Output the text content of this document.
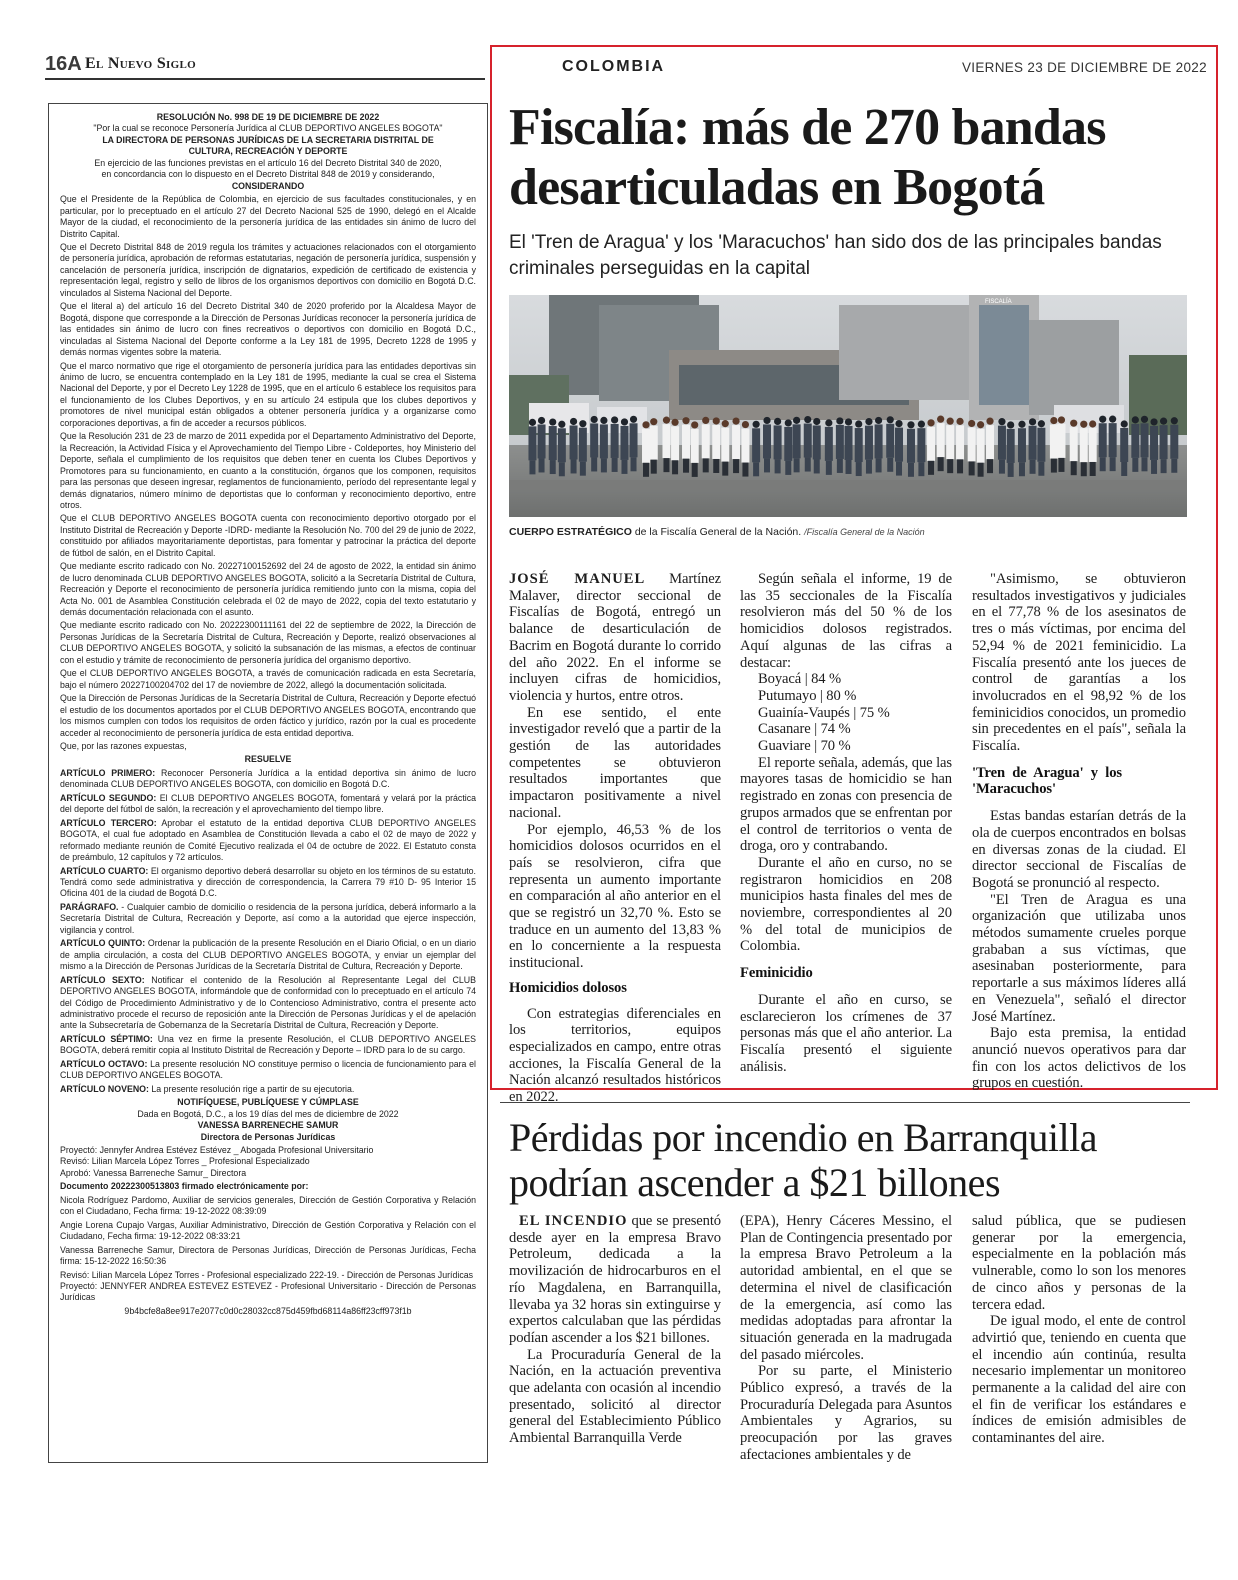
16A El Nuevo Siglo	COLOMBIA	VIERNES 23 DE DICIEMBRE DE 2022

RESOLUCIÓN No. 998 DE 19 DE DICIEMBRE DE 2022

"Por la cual se reconoce Personería Jurídica al CLUB DEPORTIVO ANGELES BOGOTA"

LA DIRECTORA DE PERSONAS JURÍDICAS DE LA SECRETARIA DISTRITAL DE

CULTURA, RECREACIÓN Y DEPORTE

En ejercicio de las funciones previstas en el artículo 16 del Decreto Distrital 340 de 2020,

en concordancia con lo dispuesto en el Decreto Distrital 848 de 2019 y considerando,

CONSIDERANDO

Que el Presidente de la República de Colombia, en ejercicio de sus facultades constitucionales, y en particular, por lo preceptuado en el artículo 27 del Decreto Nacional 525 de 1990, delegó en el Alcalde Mayor de la ciudad, el reconocimiento de la personería jurídica de las entidades sin ánimo de lucro del Distrito Capital.

Que el Decreto Distrital 848 de 2019 regula los trámites y actuaciones relacionados con el otorgamiento de personería jurídica, aprobación de reformas estatutarias, negación de personería jurídica, suspensión y cancelación de personería jurídica, inscripción de dignatarios, expedición de certificado de existencia y representación legal, registro y sello de libros de los organismos deportivos con domicilio en Bogotá D.C. vinculados al Sistema Nacional del Deporte.

Que el literal a) del artículo 16 del Decreto Distrital 340 de 2020 proferido por la Alcaldesa Mayor de Bogotá, dispone que corresponde a la Dirección de Personas Jurídicas reconocer la personería jurídica de las entidades sin ánimo de lucro con fines recreativos o deportivos con domicilio en Bogotá D.C., vinculadas al Sistema Nacional del Deporte conforme a la Ley 181 de 1995, Decreto 1228 de 1995 y demás normas vigentes sobre la materia.

Que el marco normativo que rige el otorgamiento de personería jurídica para las entidades deportivas sin ánimo de lucro, se encuentra contemplado en la Ley 181 de 1995, mediante la cual se crea el Sistema Nacional del Deporte, y por el Decreto Ley 1228 de 1995, que en el artículo 6 establece los requisitos para el funcionamiento de los Clubes Deportivos, y en su artículo 24 estipula que los clubes deportivos y promotores de nivel municipal están obligados a obtener personería jurídica y a organizarse como corporaciones deportivas, a fin de acceder a recursos públicos.

Que la Resolución 231 de 23 de marzo de 2011 expedida por el Departamento Administrativo del Deporte, la Recreación, la Actividad Física y el Aprovechamiento del Tiempo Libre - Coldeportes, hoy Ministerio del Deporte, señala el cumplimiento de los requisitos que deben tener en cuenta los Clubes Deportivos y Promotores para su funcionamiento, en cuanto a la constitución, órganos que los componen, requisitos para las personas que deseen ingresar, reglamentos de funcionamiento, período del representante legal y demás dignatarios, número mínimo de deportistas que lo conforman y reconocimiento deportivo, entre otros.

Que el CLUB DEPORTIVO ANGELES BOGOTA cuenta con reconocimiento deportivo otorgado por el Instituto Distrital de Recreación y Deporte -IDRD- mediante la Resolución No. 700 del 29 de junio de 2022, constituido por afiliados mayoritariamente deportistas, para fomentar y patrocinar la práctica del deporte de fútbol de salón, en el Distrito Capital.

Que mediante escrito radicado con No. 20227100152692 del 24 de agosto de 2022, la entidad sin ánimo de lucro denominada CLUB DEPORTIVO ANGELES BOGOTA, solicitó a la Secretaría Distrital de Cultura, Recreación y Deporte el reconocimiento de personería jurídica remitiendo junto con la misma, copia del Acta No. 001 de Asamblea Constitución celebrada el 02 de mayo de 2022, copia del texto estatutario y demás documentación relacionada con el asunto.

Que mediante escrito radicado con No. 20222300111161 del 22 de septiembre de 2022, la Dirección de Personas Jurídicas de la Secretaría Distrital de Cultura, Recreación y Deporte, realizó observaciones al CLUB DEPORTIVO ANGELES BOGOTA, y solicitó la subsanación de las mismas, a efectos de continuar con el estudio y trámite de reconocimiento de personería jurídica del organismo deportivo.

Que el CLUB DEPORTIVO ANGELES BOGOTA, a través de comunicación radicada en esta Secretaría, bajo el número 20227100204702 del 17 de noviembre de 2022, allegó la documentación solicitada.

Que la Dirección de Personas Jurídicas de la Secretaría Distrital de Cultura, Recreación y Deporte efectuó el estudio de los documentos aportados por el CLUB DEPORTIVO ANGELES BOGOTA, encontrando que los mismos cumplen con todos los requisitos de orden fáctico y jurídico, razón por la cual es procedente acceder al reconocimiento de personería jurídica de esta entidad deportiva.

Que, por las razones expuestas,

RESUELVE

ARTÍCULO PRIMERO: Reconocer Personería Jurídica a la entidad deportiva sin ánimo de lucro denominada CLUB DEPORTIVO ANGELES BOGOTA, con domicilio en Bogotá D.C.

ARTÍCULO SEGUNDO: El CLUB DEPORTIVO ANGELES BOGOTA, fomentará y velará por la práctica del deporte del fútbol de salón, la recreación y el aprovechamiento del tiempo libre.

ARTÍCULO TERCERO: Aprobar el estatuto de la entidad deportiva CLUB DEPORTIVO ANGELES BOGOTA, el cual fue adoptado en Asamblea de Constitución llevada a cabo el 02 de mayo de 2022 y reformado mediante reunión de Comité Ejecutivo realizada el 04 de octubre de 2022. El Estatuto consta de preámbulo, 12 capítulos y 72 artículos.

ARTÍCULO CUARTO: El organismo deportivo deberá desarrollar su objeto en los términos de su estatuto. Tendrá como sede administrativa y dirección de correspondencia, la Carrera 79 #10 D- 95 Interior 15 Oficina 401 de la ciudad de Bogotá D.C.

PARÁGRAFO. - Cualquier cambio de domicilio o residencia de la persona jurídica, deberá informarlo a la Secretaría Distrital de Cultura, Recreación y Deporte, así como a la autoridad que ejerce inspección, vigilancia y control.

ARTÍCULO QUINTO: Ordenar la publicación de la presente Resolución en el Diario Oficial, o en un diario de amplia circulación, a costa del CLUB DEPORTIVO ANGELES BOGOTA, y enviar un ejemplar del mismo a la Dirección de Personas Jurídicas de la Secretaría Distrital de Cultura, Recreación y Deporte.

ARTÍCULO SEXTO: Notificar el contenido de la Resolución al Representante Legal del CLUB DEPORTIVO ANGELES BOGOTA, informándole que de conformidad con lo preceptuado en el artículo 74 del Código de Procedimiento Administrativo y de lo Contencioso Administrativo, contra el presente acto administrativo procede el recurso de reposición ante la Dirección de Personas Jurídicas y el de apelación ante la Subsecretaría de Gobernanza de la Secretaría Distrital de Cultura, Recreación y Deporte.

ARTÍCULO SÉPTIMO: Una vez en firme la presente Resolución, el CLUB DEPORTIVO ANGELES BOGOTA, deberá remitir copia al Instituto Distrital de Recreación y Deporte – IDRD para lo de su cargo.

ARTÍCULO OCTAVO: La presente resolución NO constituye permiso o licencia de funcionamiento para el CLUB DEPORTIVO ANGELES BOGOTA.

ARTÍCULO NOVENO: La presente resolución rige a partir de su ejecutoria.

NOTIFÍQUESE, PUBLÍQUESE Y CÚMPLASE

Dada en Bogotá, D.C., a los 19 días del mes de diciembre de 2022

VANESSA BARRENECHE SAMUR

Directora de Personas Jurídicas

Proyectó: Jennyfer Andrea Estévez Estévez _ Abogada Profesional Universitario

Revisó: Lilian Marcela López Torres _ Profesional Especializado

Aprobó: Vanessa Barreneche Samur_ Directora

Documento 20222300513803 firmado electrónicamente por:

Nicola Rodríguez Pardomo, Auxiliar de servicios generales, Dirección de Gestión Corporativa y Relación con el Ciudadano, Fecha firma: 19-12-2022 08:39:09

Angie Lorena Cupajo Vargas, Auxiliar Administrativo, Dirección de Gestión Corporativa y Relación con el Ciudadano, Fecha firma: 19-12-2022 08:33:21

Vanessa Barreneche Samur, Directora de Personas Jurídicas, Dirección de Personas Jurídicas, Fecha firma: 15-12-2022 16:50:36

Revisó: Lilian Marcela López Torres - Profesional especializado 222-19. - Dirección de Personas Jurídicas

Proyectó: JENNYFER ANDREA ESTEVEZ ESTEVEZ - Profesional Universitario - Dirección de Personas Jurídicas

9b4bcfe8a8ee917e2077c0d0c28032cc875d459fbd68114a86ff23cff973f1b

Fiscalía: más de 270 bandas desarticuladas en Bogotá
El 'Tren de Aragua' y los 'Maracuchos' han sido dos de las principales bandas criminales perseguidas en la capital
FISCALÍA
CUERPO ESTRATÉGICO de la Fiscalía General de la Nación. /Fiscalía General de la Nación

JOSÉ MANUEL Martínez Malaver, director seccional de Fiscalías de Bogotá, entregó un balance de desarticulación de Bacrim en Bogotá durante lo corrido del año 2022. En el informe se incluyen cifras de homicidios, violencia y hurtos, entre otros.

En ese sentido, el ente investigador reveló que a partir de la gestión de las autoridades competentes se obtuvieron resultados importantes que impactaron positivamente a nivel nacional.

Por ejemplo, 46,53 % de los homicidios dolosos ocurridos en el país se resolvieron, cifra que representa un aumento importante en comparación al año anterior en el que se registró un 32,70 %. Esto se traduce en un aumento del 13,83 % en lo concerniente a la respuesta institucional.

Homicidios dolosos

Con estrategias diferenciales en los territorios, equipos especializados en campo, entre otras acciones, la Fiscalía General de la Nación alcanzó resultados históricos en 2022.

Según señala el informe, 19 de las 35 seccionales de la Fiscalía resolvieron más del 50 % de los homicidios dolosos registrados. Aquí algunas de las cifras a destacar:

Boyacá | 84 %

Putumayo | 80 %

Guainía-Vaupés | 75 %

Casanare | 74 %

Guaviare | 70 %

El reporte señala, además, que las mayores tasas de homicidio se han registrado en zonas con presencia de grupos armados que se enfrentan por el control de territorios o venta de droga, oro y contrabando.

Durante el año en curso, no se registraron homicidios en 208 municipios hasta finales del mes de noviembre, correspondientes al 20 % del total de municipios de Colombia.

Feminicidio

Durante el año en curso, se esclarecieron los crímenes de 37 personas más que el año anterior. La Fiscalía presentó el siguiente análisis.

"Asimismo, se obtuvieron resultados investigativos y judiciales en el 77,78 % de los asesinatos de tres o más víctimas, por encima del 52,94 % de 2021 feminicidio. La Fiscalía presentó ante los jueces de control de garantías a los involucrados en el 98,92 % de los feminicidios conocidos, un promedio sin precedentes en el país", señala la Fiscalía.

'Tren de Aragua' y los 'Maracuchos'

Estas bandas estarían detrás de la ola de cuerpos encontrados en bolsas en diversas zonas de la ciudad. El director seccional de Fiscalías de Bogotá se pronunció al respecto.

"El Tren de Aragua es una organización que utilizaba unos métodos sumamente crueles porque grababan a sus víctimas, que asesinaban posteriormente, para reportarle a sus máximos líderes allá en Venezuela", señaló el director José Martínez.

Bajo esta premisa, la entidad anunció nuevos operativos para dar fin con los actos delictivos de los grupos en cuestión.

Pérdidas por incendio en Barranquilla podrían ascender a $21 billones

EL INCENDIO que se presentó desde ayer en la empresa Bravo Petroleum, dedicada a la movilización de hidrocarburos en el río Magdalena, en Barranquilla, llevaba ya 32 horas sin extinguirse y expertos calculaban que las pérdidas podían ascender a los $21 billones.

La Procuraduría General de la Nación, en la actuación preventiva que adelanta con ocasión al incendio presentado, solicitó al director general del Establecimiento Público Ambiental Barranquilla Verde

(EPA), Henry Cáceres Messino, el Plan de Contingencia presentado por la empresa Bravo Petroleum a la autoridad ambiental, en el que se determina el nivel de clasificación de la emergencia, así como las medidas adoptadas para afrontar la situación generada en la madrugada del pasado miércoles.

Por su parte, el Ministerio Público expresó, a través de la Procuraduría Delegada para Asuntos Ambientales y Agrarios, su preocupación por las graves afectaciones ambientales y de

salud pública, que se pudiesen generar por la emergencia, especialmente en la población más vulnerable, como lo son los menores de cinco años y personas de la tercera edad.

De igual modo, el ente de control advirtió que, teniendo en cuenta que el incendio aún continúa, resulta necesario implementar un monitoreo permanente a la calidad del aire con el fin de verificar los estándares e índices de emisión admisibles de contaminantes del aire.
